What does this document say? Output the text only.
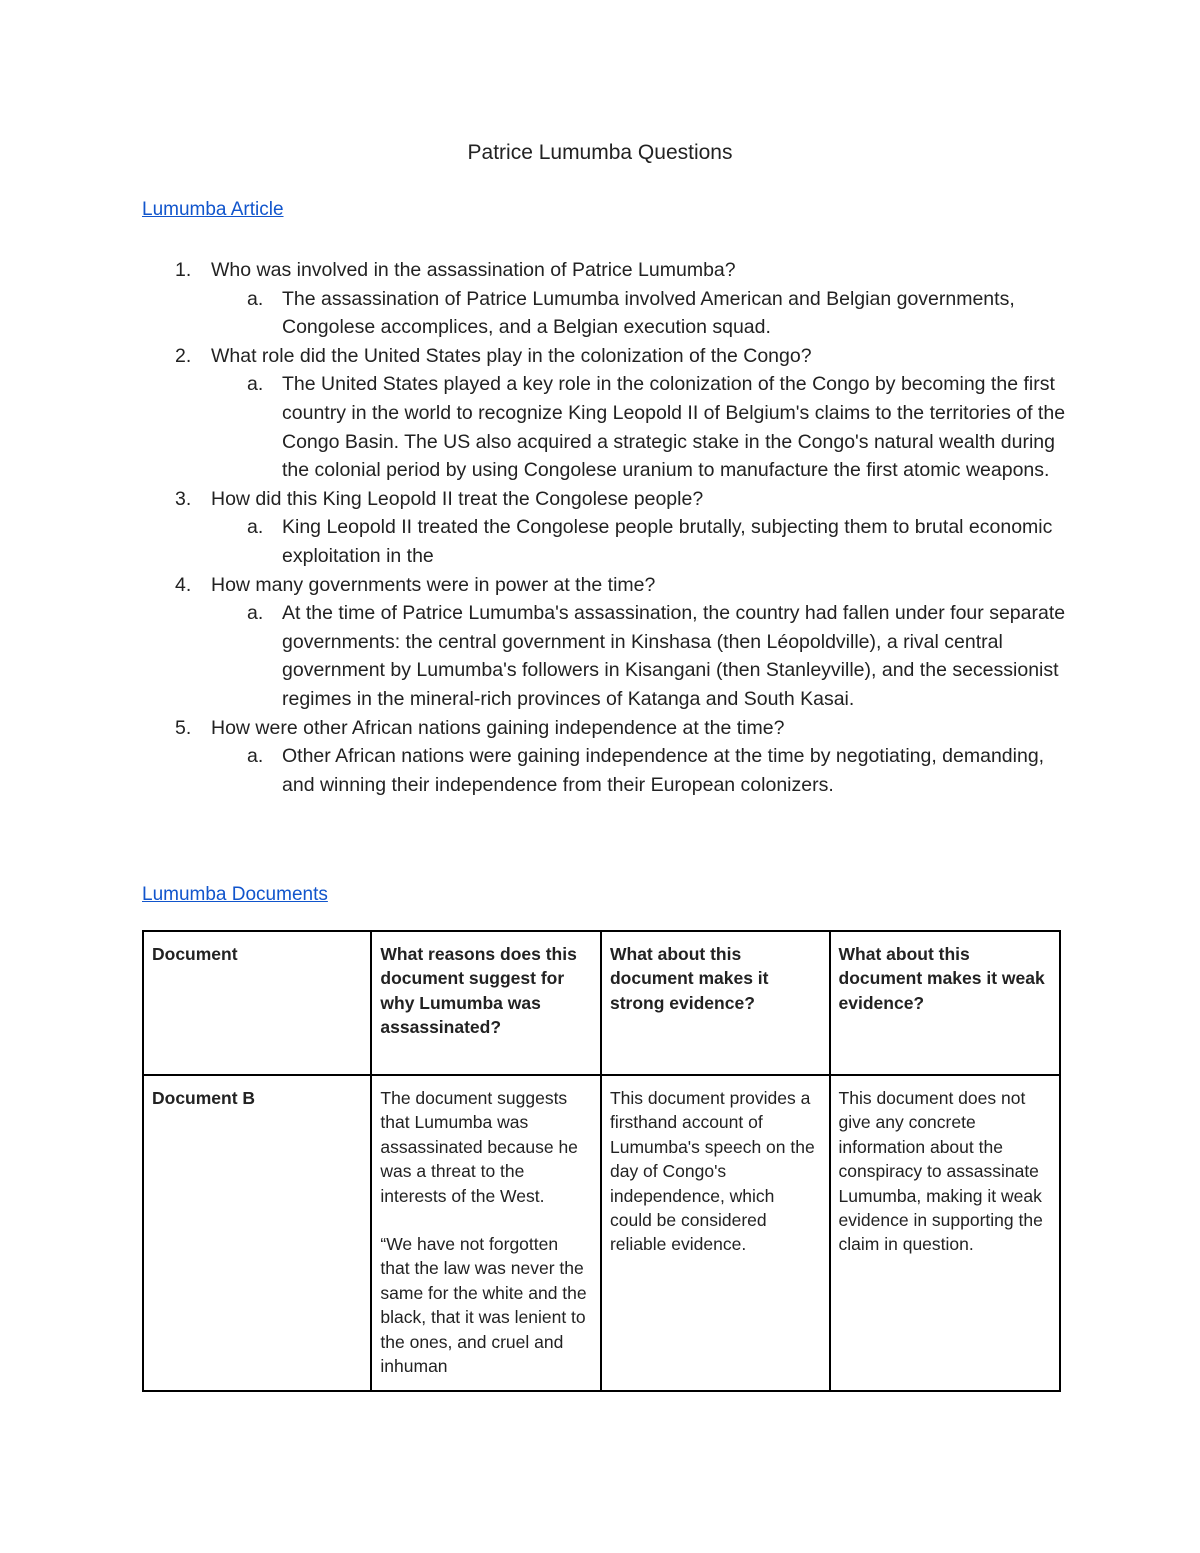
Patrice Lumumba Questions
Lumumba Article
1. Who was involved in the assassination of Patrice Lumumba?
a. The assassination of Patrice Lumumba involved American and Belgian governments, Congolese accomplices, and a Belgian execution squad.
2. What role did the United States play in the colonization of the Congo?
a. The United States played a key role in the colonization of the Congo by becoming the first country in the world to recognize King Leopold II of Belgium's claims to the territories of the Congo Basin. The US also acquired a strategic stake in the Congo's natural wealth during the colonial period by using Congolese uranium to manufacture the first atomic weapons.
3. How did this King Leopold II treat the Congolese people?
a. King Leopold II treated the Congolese people brutally, subjecting them to brutal economic exploitation in the
4. How many governments were in power at the time?
a. At the time of Patrice Lumumba's assassination, the country had fallen under four separate governments: the central government in Kinshasa (then Léopoldville), a rival central government by Lumumba's followers in Kisangani (then Stanleyville), and the secessionist regimes in the mineral-rich provinces of Katanga and South Kasai.
5. How were other African nations gaining independence at the time?
a. Other African nations were gaining independence at the time by negotiating, demanding, and winning their independence from their European colonizers.
Lumumba Documents
Document	What reasons does this document suggest for why Lumumba was assassinated?	What about this document makes it strong evidence?	What about this document makes it weak evidence?
Document B	The document suggests that Lumumba was assassinated because he was a threat to the interests of the West.
“We have not forgotten that the law was never the same for the white and the black, that it was lenient to the ones, and cruel and inhuman	This document provides a firsthand account of Lumumba's speech on the day of Congo's independence, which could be considered reliable evidence.	This document does not give any concrete information about the conspiracy to assassinate Lumumba, making it weak evidence in supporting the claim in question.
